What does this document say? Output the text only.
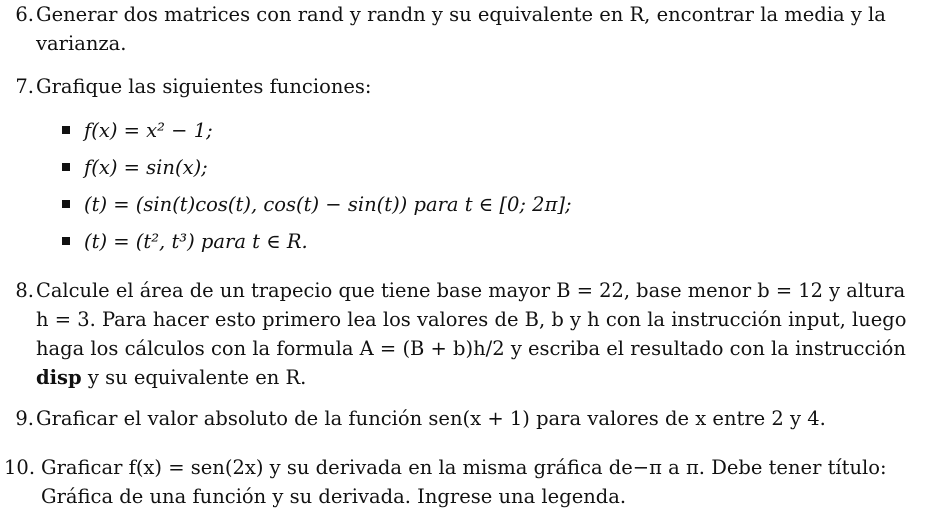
6. Generar dos matrices con rand y randn y su equivalente en R, encontrar la media y la
varianza.
7. Grafique las siguientes funciones:
f(x) = x² − 1;
f(x) = sin(x);
(t) = (sin(t)cos(t), cos(t) − sin(t)) para t ∈ [0; 2π];
(t) = (t², t³) para t ∈ R.
8. Calcule el área de un trapecio que tiene base mayor B = 22, base menor b = 12 y altura
h = 3. Para hacer esto primero lea los valores de B, b y h con la instrucción input, luego
haga los cálculos con la formula A = (B + b)h/2 y escriba el resultado con la instrucción
disp y su equivalente en R.
9. Graficar el valor absoluto de la función sen(x + 1) para valores de x entre 2 y 4.
10. Graficar f(x) = sen(2x) y su derivada en la misma gráfica de−π a π. Debe tener título:
Gráfica de una función y su derivada. Ingrese una legenda.
